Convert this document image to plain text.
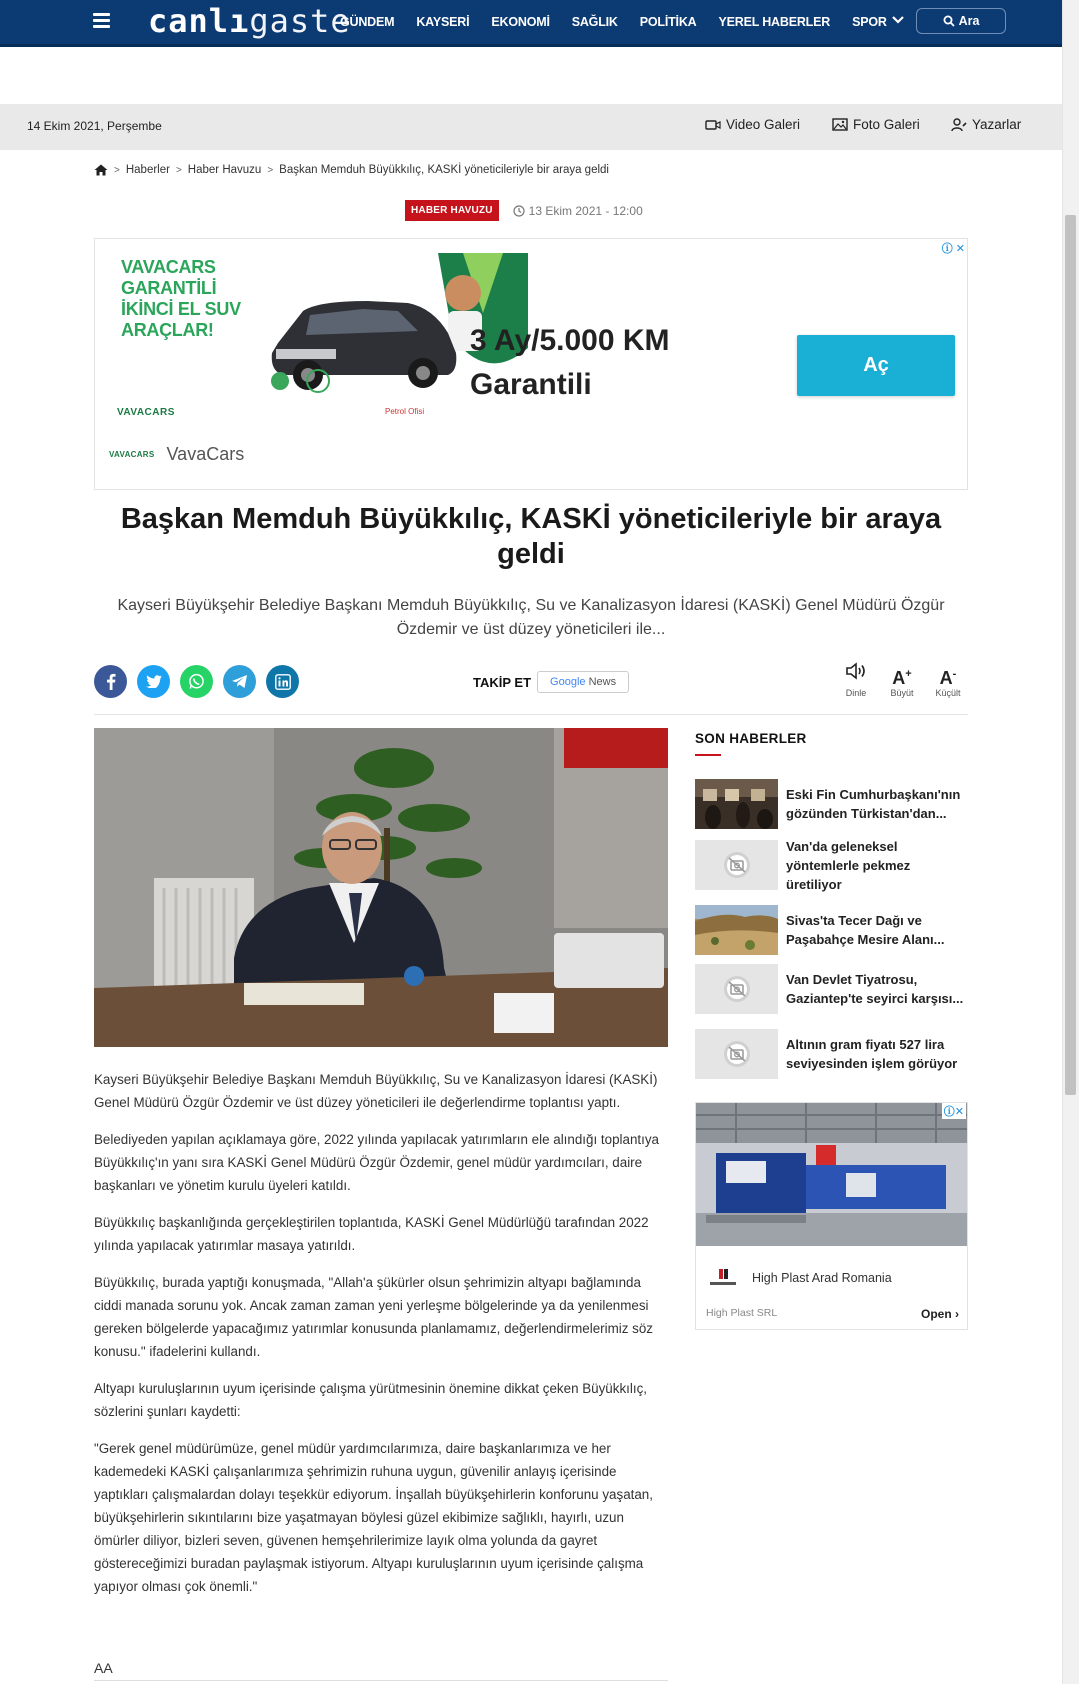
canlıgaste
GÜNDEM KAYSERİ EKONOMİ SAĞLIK POLİTİKA YEREL HABERLER SPOR	Ara
14 Ekim 2021, Perşembe	Video Galeri	Foto Galeri	Yazarlar
> Haberler > Haber Havuzu > Başkan Memduh Büyükkılıç, KASKİ yöneticileriyle bir araya geldi
HABER HAVUZU	13 Ekim 2021 - 12:00
ⓘ ✕
VAVACARS GARANTİLİ İKİNCİ EL SUV ARAÇLAR!
VAVACARS	Petrol Ofisi
VAVACARS VavaCars
3 Ay/5.000 KM Garantili
Aç
Başkan Memduh Büyükkılıç, KASKİ yöneticileriyle bir araya geldi

Kayseri Büyükşehir Belediye Başkanı Memduh Büyükkılıç, Su ve Kanalizasyon İdaresi (KASKİ) Genel Müdürü Özgür Özdemir ve üst düzey yöneticileri ile...

TAKİP ET	Google News
Dinle
A+
Büyüt
A-
Küçült

Kayseri Büyükşehir Belediye Başkanı Memduh Büyükkılıç, Su ve Kanalizasyon İdaresi (KASKİ) Genel Müdürü Özgür Özdemir ve üst düzey yöneticileri ile değerlendirme toplantısı yaptı.

Belediyeden yapılan açıklamaya göre, 2022 yılında yapılacak yatırımların ele alındığı toplantıya Büyükkılıç'ın yanı sıra KASKİ Genel Müdürü Özgür Özdemir, genel müdür yardımcıları, daire başkanları ve yönetim kurulu üyeleri katıldı.

Büyükkılıç başkanlığında gerçekleştirilen toplantıda, KASKİ Genel Müdürlüğü tarafından 2022 yılında yapılacak yatırımlar masaya yatırıldı.

Büyükkılıç, burada yaptığı konuşmada, "Allah'a şükürler olsun şehrimizin altyapı bağlamında ciddi manada sorunu yok. Ancak zaman zaman yeni yerleşme bölgelerinde ya da yenilenmesi gereken bölgelerde yapacağımız yatırımlar konusunda planlamamız, değerlendirmelerimiz söz konusu." ifadelerini kullandı.

Altyapı kuruluşlarının uyum içerisinde çalışma yürütmesinin önemine dikkat çeken Büyükkılıç, sözlerini şunları kaydetti:

"Gerek genel müdürümüze, genel müdür yardımcılarımıza, daire başkanlarımıza ve her kademedeki KASKİ çalışanlarımıza şehrimizin ruhuna uygun, güvenilir anlayış içerisinde yaptıkları çalışmalardan dolayı teşekkür ediyorum. İnşallah büyükşehirlerin konforunu yaşatan, büyükşehirlerin sıkıntılarını bize yaşatmayan böylesi güzel ekibimize sağlıklı, hayırlı, uzun ömürler diliyor, bizleri seven, güvenen hemşehrilerimize layık olma yolunda da gayret göstereceğimizi buradan paylaşmak istiyorum. Altyapı kuruluşlarının uyum içerisinde çalışma yapıyor olması çok önemli."

AA
SON HABERLER
Eski Fin Cumhurbaşkanı'nın gözünden Türkistan'dan...
Van'da geleneksel yöntemlerle pekmez üretiliyor
Sivas'ta Tecer Dağı ve Paşabahçe Mesire Alanı...
Van Devlet Tiyatrosu, Gaziantep'te seyirci karşısı...
Altının gram fiyatı 527 lira seviyesinden işlem görüyor
ⓘ✕
High Plast Arad Romania
High Plast SRL	Open ›
